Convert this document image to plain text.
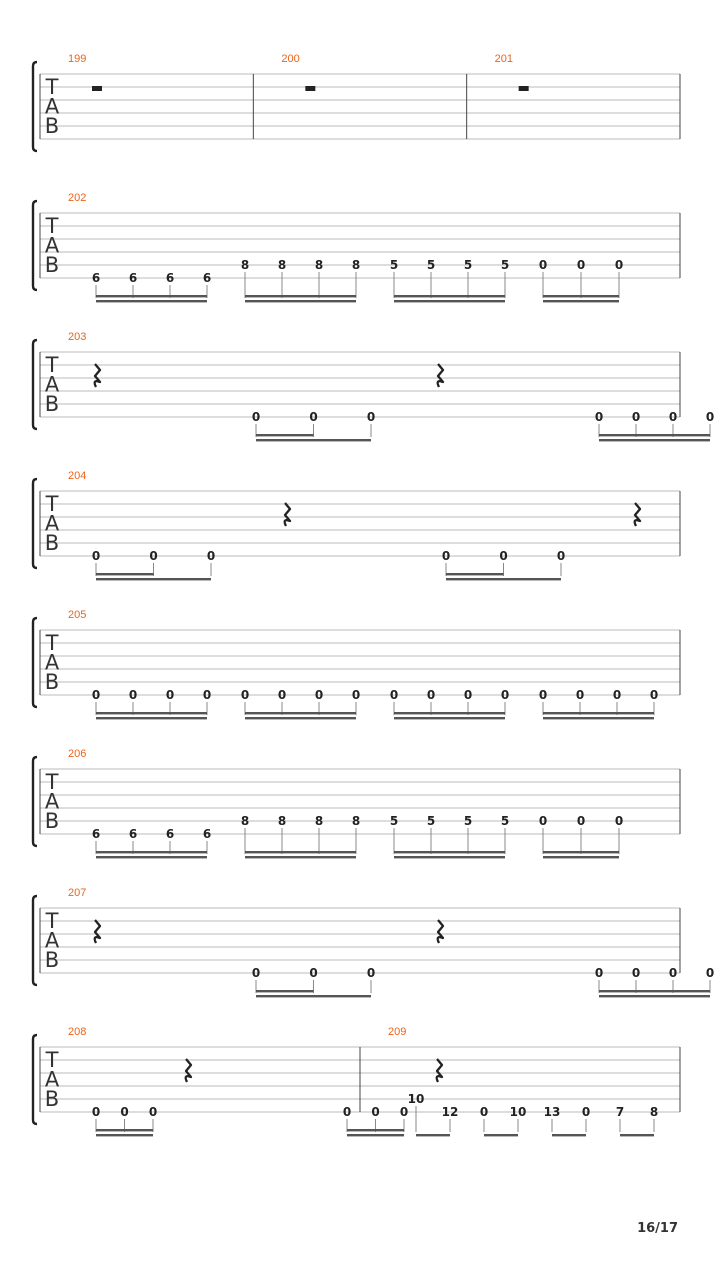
T
A
B
199	200	201
T
A
B
202
6 6 6 6
8 8 8 8 5 5 5 5 0 0 0
T
A
B
203
0	0	0	0 0 0 0
T
A
B
204
0	0	0	0	0	0
T
A
B
205
0 0 0 0 0 0 0 0 0 0 0 0 0 0 0 0
T
A
B
206
6 6 6 6
8 8 8 8 5 5 5 5 0 0 0
T
A
B
207
0	0	0	0 0 0 0
T
A
B
208
0 0 0	0 0 0
209
10
12 0 10 13 0 7 8
16/17
